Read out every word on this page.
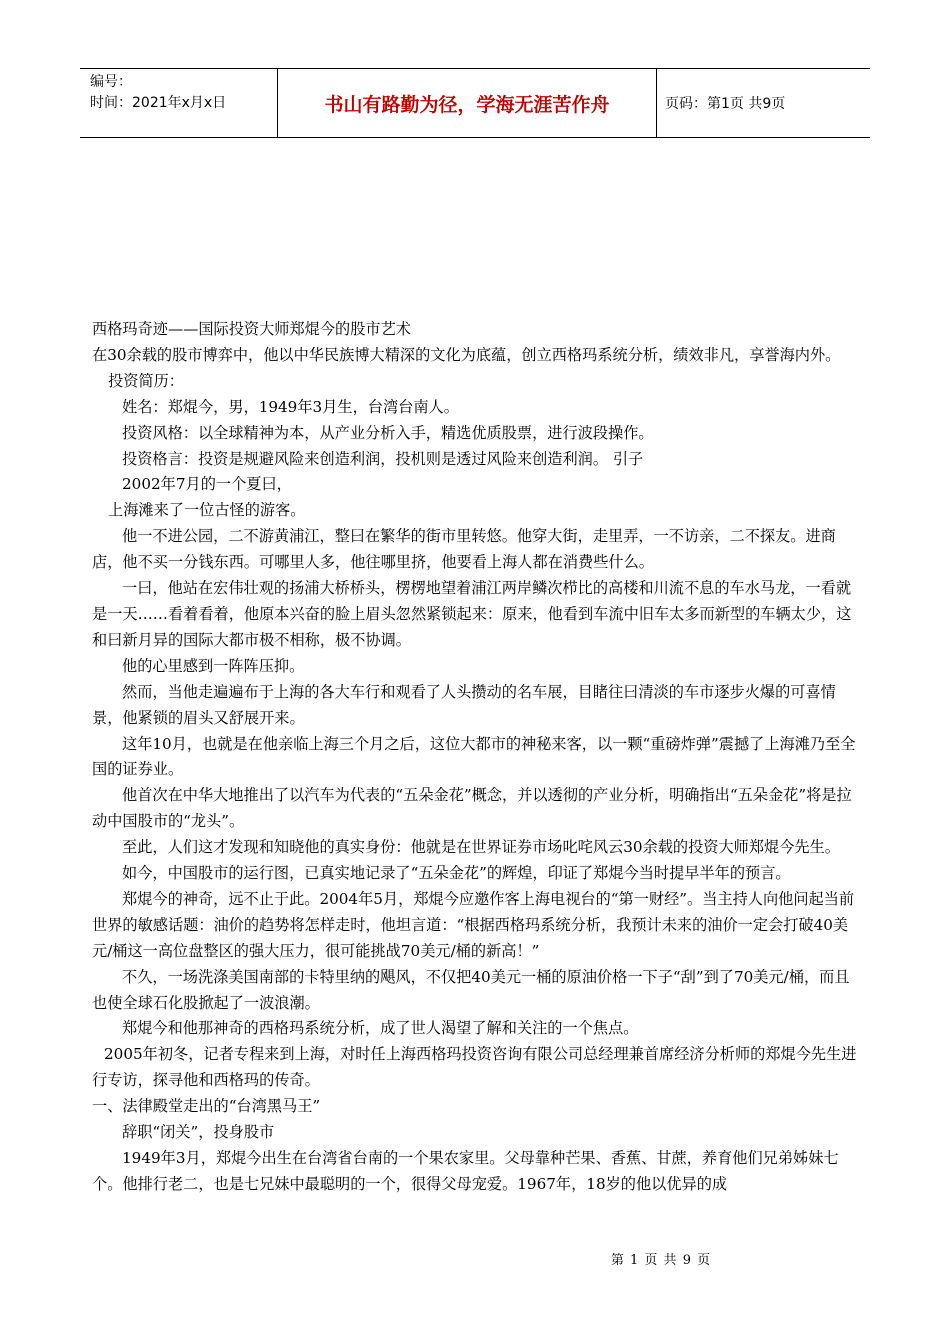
编号：
时间：2021年x月x日	书山有路勤为径，学海无涯苦作舟	页码：第1页 共9页

西格玛奇迹——国际投资大师郑焜今的股市艺术

在30余载的股市博弈中，他以中华民族博大精深的文化为底蕴，创立西格玛系统分析，绩效非凡，享誉海内外。

投资简历：

姓名：郑焜今，男，1949年3月生，台湾台南人。

投资风格：以全球精神为本，从产业分析入手，精选优质股票，进行波段操作。

投资格言：投资是规避风险来创造利润，投机则是透过风险来创造利润。 引子

2002年7月的一个夏曰，

上海滩来了一位古怪的游客。

他一不进公园，二不游黄浦江，整曰在繁华的街市里转悠。他穿大街，走里弄，一不访亲，二不探友。进商店，他不买一分钱东西。可哪里人多，他往哪里挤，他要看上海人都在消费些什么。

一曰，他站在宏伟壮观的扬浦大桥桥头，楞楞地望着浦江两岸鳞次栉比的高楼和川流不息的车水马龙，一看就是一天……看着看着，他原本兴奋的脸上眉头忽然紧锁起来：原来，他看到车流中旧车太多而新型的车辆太少，这和曰新月异的国际大都市极不相称，极不协调。

他的心里感到一阵阵压抑。

然而，当他走遍遍布于上海的各大车行和观看了人头攒动的名车展，目睹往曰清淡的车市逐步火爆的可喜情景，他紧锁的眉头又舒展开来。

这年10月，也就是在他亲临上海三个月之后，这位大都市的神秘来客，以一颗“重磅炸弹”震撼了上海滩乃至全国的证券业。

他首次在中华大地推出了以汽车为代表的“五朵金花”概念，并以透彻的产业分析，明确指出“五朵金花”将是拉动中国股市的“龙头”。

至此，人们这才发现和知晓他的真实身份：他就是在世界证券市场叱咤风云30余载的投资大师郑焜今先生。

如今，中国股市的运行图，已真实地记录了“五朵金花”的辉煌，印证了郑焜今当时提早半年的预言。

郑焜今的神奇，远不止于此。2004年5月，郑焜今应邀作客上海电视台的“第一财经”。当主持人向他问起当前世界的敏感话题：油价的趋势将怎样走时，他坦言道：“根据西格玛系统分析，我预计未来的油价一定会打破40美元/桶这一高位盘整区的强大压力，很可能挑战70美元/桶的新高！”

不久，一场洗涤美国南部的卡特里纳的飓风，不仅把40美元一桶的原油价格一下子“刮”到了70美元/桶，而且也使全球石化股掀起了一波浪潮。

郑焜今和他那神奇的西格玛系统分析，成了世人渴望了解和关注的一个焦点。

2005年初冬，记者专程来到上海，对时任上海西格玛投资咨询有限公司总经理兼首席经济分析师的郑焜今先生进行专访，探寻他和西格玛的传奇。

一、法律殿堂走出的“台湾黑马王”

辞职“闭关”，投身股市

1949年3月，郑焜今出生在台湾省台南的一个果农家里。父母靠种芒果、香蕉、甘蔗，养育他们兄弟姊妹七个。他排行老二，也是七兄妹中最聪明的一个，很得父母宠爱。1967年，18岁的他以优异的成

第 1 页 共 9 页
